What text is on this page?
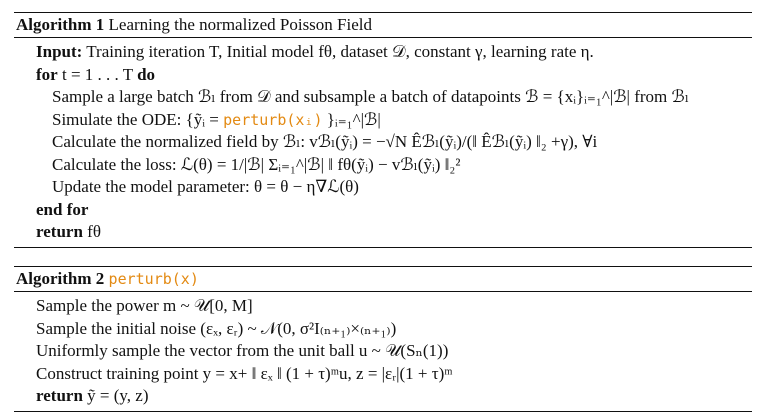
Algorithm 1 Learning the normalized Poisson Field
Input: Training iteration T, Initial model fθ, dataset 𝒟, constant γ, learning rate η.
for t = 1 . . . T do
Sample a large batch ℬₗ from 𝒟 and subsample a batch of datapoints ℬ = {xᵢ}ᵢ₌₁^|ℬ| from ℬₗ
Simulate the ODE: {ỹᵢ = perturb(xᵢ) }ᵢ₌₁^|ℬ|
Calculate the normalized field by ℬₗ: vℬₗ(ỹᵢ) = −√N Êℬₗ(ỹᵢ)/(‖ Êℬₗ(ỹᵢ) ‖₂ +γ), ∀i
Calculate the loss: ℒ(θ) = 1/|ℬ| Σᵢ₌₁^|ℬ| ‖ fθ(ỹᵢ) − vℬₗ(ỹᵢ) ‖₂²
Update the model parameter: θ = θ − η∇ℒ(θ)
end for
return fθ
Algorithm 2 perturb(x)
Sample the power m ~ 𝒰[0, M]
Sample the initial noise (εₓ, εᵣ) ~ 𝒩(0, σ²I₍ₙ₊₁₎×₍ₙ₊₁₎)
Uniformly sample the vector from the unit ball u ~ 𝒰(Sₙ(1))
Construct training point y = x+ ‖ εₓ ‖ (1 + τ)ᵐu, z = |εᵣ|(1 + τ)ᵐ
return ỹ = (y, z)
